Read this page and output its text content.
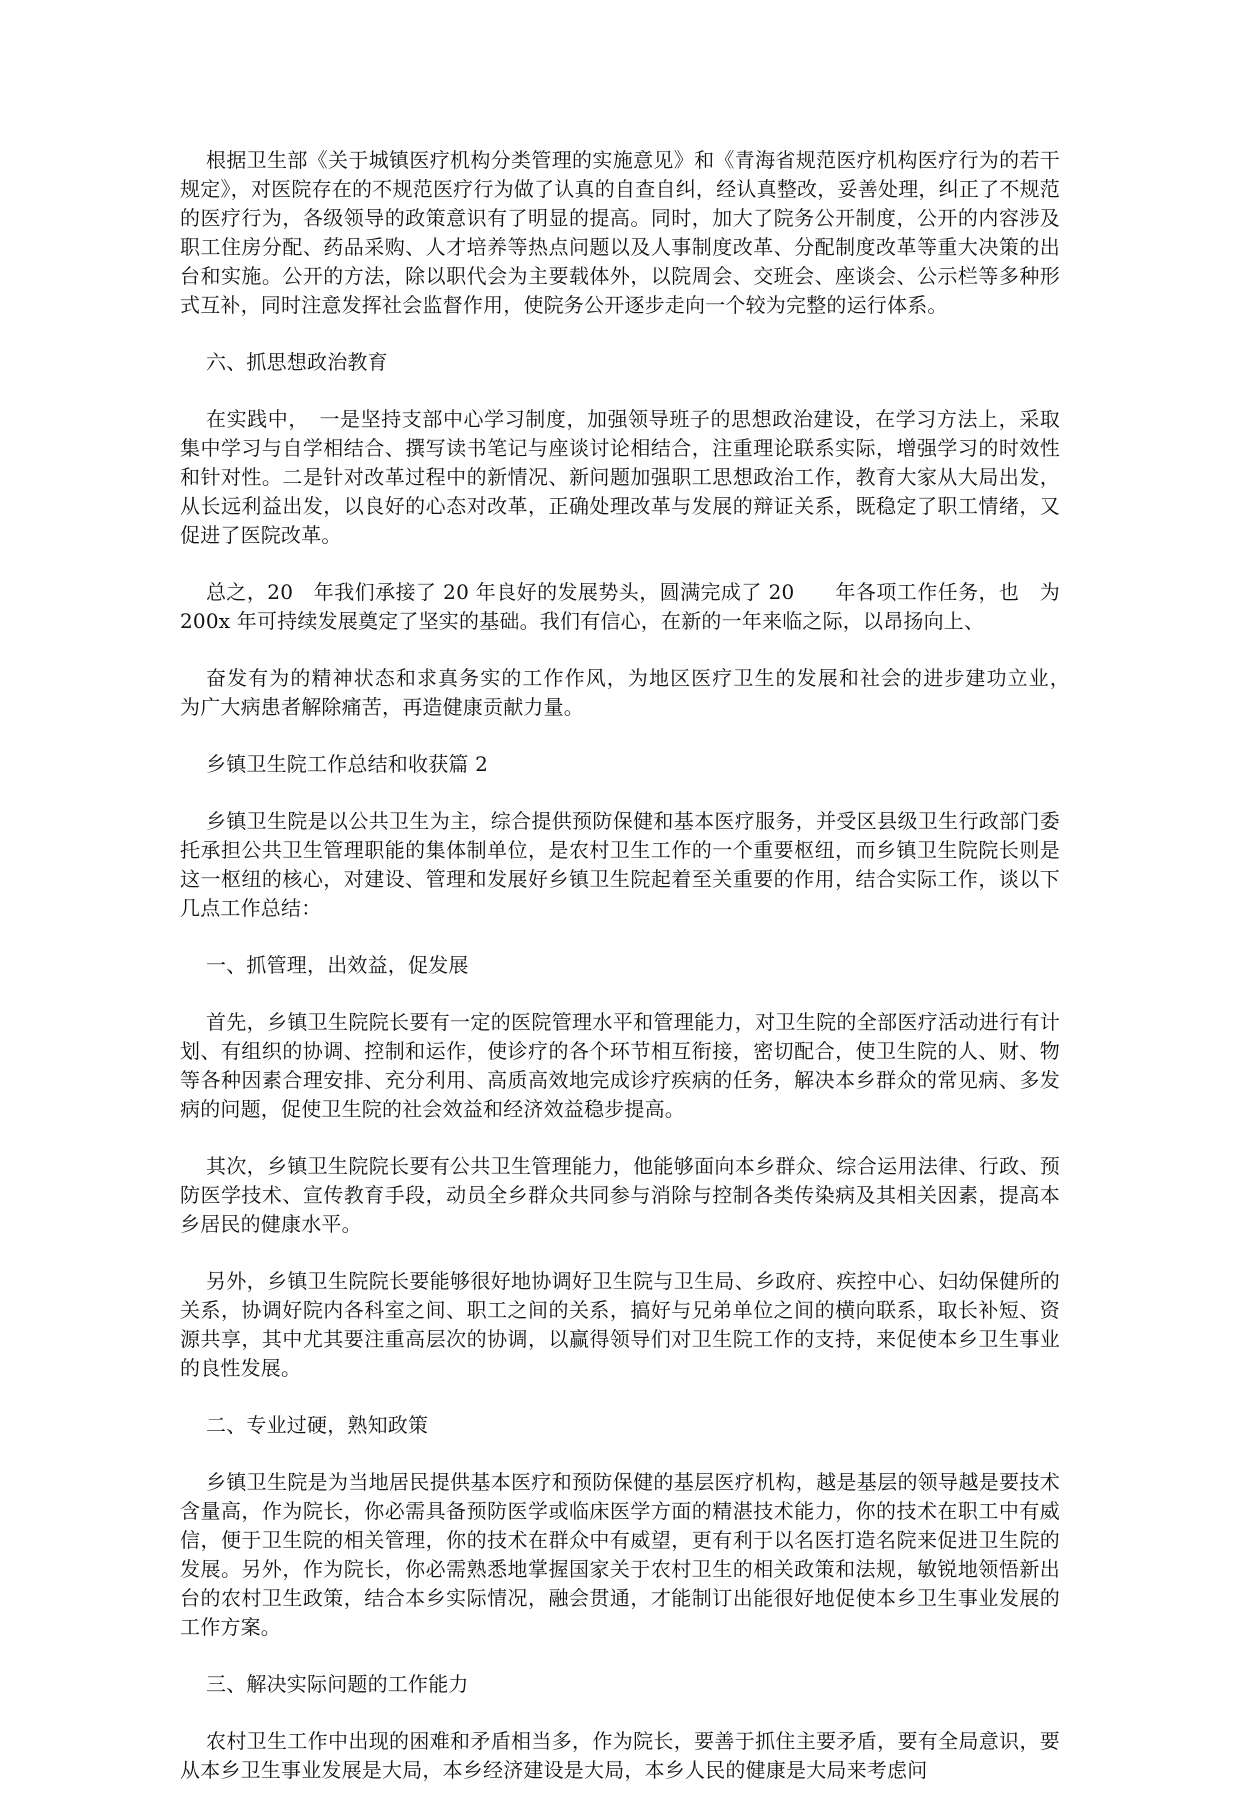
根据卫生部《关于城镇医疗机构分类管理的实施意见》和《青海省规范医疗机构医疗行为的若干规定》，对医院存在的不规范医疗行为做了认真的自查自纠，经认真整改，妥善处理，纠正了不规范的医疗行为，各级领导的政策意识有了明显的提高。同时，加大了院务公开制度，公开的内容涉及职工住房分配、药品采购、人才培养等热点问题以及人事制度改革、分配制度改革等重大决策的出台和实施。公开的方法，除以职代会为主要载体外，以院周会、交班会、座谈会、公示栏等多种形式互补，同时注意发挥社会监督作用，使院务公开逐步走向一个较为完整的运行体系。

六、抓思想政治教育

在实践中，　一是坚持支部中心学习制度，加强领导班子的思想政治建设，在学习方法上，采取集中学习与自学相结合、撰写读书笔记与座谈讨论相结合，注重理论联系实际，增强学习的时效性和针对性。二是针对改革过程中的新情况、新问题加强职工思想政治工作，教育大家从大局出发，从长远利益出发，以良好的心态对改革，正确处理改革与发展的辩证关系，既稳定了职工情绪，又促进了医院改革。

总之，20　年我们承接了 20 年良好的发展势头，圆满完成了 20　　年各项工作任务，也　为200x 年可持续发展奠定了坚实的基础。我们有信心，在新的一年来临之际，以昂扬向上、

奋发有为的精神状态和求真务实的工作作风，为地区医疗卫生的发展和社会的进步建功立业，　为广大病患者解除痛苦，再造健康贡献力量。

乡镇卫生院工作总结和收获篇 2

乡镇卫生院是以公共卫生为主，综合提供预防保健和基本医疗服务，并受区县级卫生行政部门委托承担公共卫生管理职能的集体制单位，是农村卫生工作的一个重要枢纽，而乡镇卫生院院长则是这一枢纽的核心，对建设、管理和发展好乡镇卫生院起着至关重要的作用，结合实际工作，谈以下几点工作总结：

一、抓管理，出效益，促发展

首先，乡镇卫生院院长要有一定的医院管理水平和管理能力，对卫生院的全部医疗活动进行有计划、有组织的协调、控制和运作，使诊疗的各个环节相互衔接，密切配合，使卫生院的人、财、物等各种因素合理安排、充分利用、高质高效地完成诊疗疾病的任务，解决本乡群众的常见病、多发病的问题，促使卫生院的社会效益和经济效益稳步提高。

其次，乡镇卫生院院长要有公共卫生管理能力，他能够面向本乡群众、综合运用法律、行政、预防医学技术、宣传教育手段，动员全乡群众共同参与消除与控制各类传染病及其相关因素，提高本乡居民的健康水平。

另外，乡镇卫生院院长要能够很好地协调好卫生院与卫生局、乡政府、疾控中心、妇幼保健所的关系，协调好院内各科室之间、职工之间的关系，搞好与兄弟单位之间的横向联系，取长补短、资源共享，其中尤其要注重高层次的协调，以赢得领导们对卫生院工作的支持，来促使本乡卫生事业的良性发展。

二、专业过硬，熟知政策

乡镇卫生院是为当地居民提供基本医疗和预防保健的基层医疗机构，越是基层的领导越是要技术含量高，作为院长，你必需具备预防医学或临床医学方面的精湛技术能力，你的技术在职工中有威信，便于卫生院的相关管理，你的技术在群众中有威望，更有利于以名医打造名院来促进卫生院的发展。另外，作为院长，你必需熟悉地掌握国家关于农村卫生的相关政策和法规，敏锐地领悟新出台的农村卫生政策，结合本乡实际情况，融会贯通，才能制订出能很好地促使本乡卫生事业发展的工作方案。

三、解决实际问题的工作能力

农村卫生工作中出现的困难和矛盾相当多，作为院长，要善于抓住主要矛盾，要有全局意识，要从本乡卫生事业发展是大局，本乡经济建设是大局，本乡人民的健康是大局来考虑问
